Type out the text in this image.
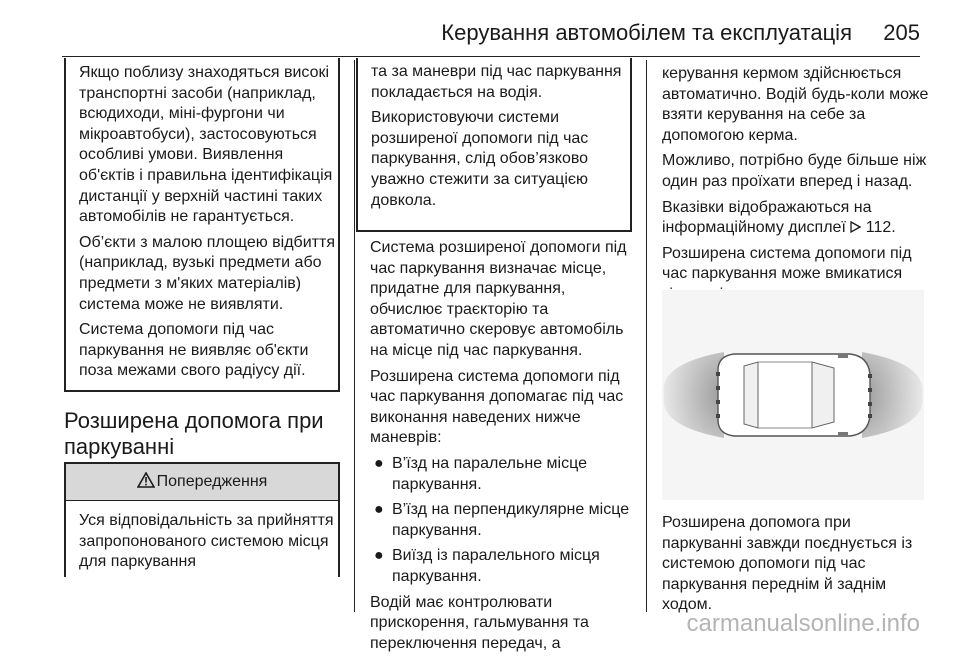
Керування автомобілем та експлуатація 205

Якщо поблизу знаходяться високі транспортні засоби (наприклад, всюдиходи, міні-фургони чи мікроавтобуси), застосовуються особливі умови. Виявлення об'єктів і правильна ідентифікація дистанції у верхній частині таких автомобілів не гарантується.

Об’єкти з малою площею відбиття (наприклад, вузькі предмети або предмети з м'яких матеріалів) система може не виявляти.

Система допомоги під час паркування не виявляє об'єкти поза межами свого радіусу дії.

Розширена допомога при паркуванні
Попередження
Уся відповідальність за прийняття запропонованого системою місця для паркування

та за маневри під час паркування покладається на водія.

Використовуючи системи розширеної допомоги під час паркування, слід обов’язково уважно стежити за ситуацією довкола.

Система розширеної допомоги під час паркування визначає місце, придатне для паркування, обчислює траєкторію та автоматично скеровує автомобіль на місце під час паркування.

Розширена система допомоги під час паркування допомагає під час виконання наведених нижче маневрів:

● В’їзд на паралельне місце паркування.
● В’їзд на перпендикулярне місце паркування.
● Виїзд із паралельного місця паркування.

Водій має контролювати прискорення, гальмування та переключення передач, а

керування кермом здійснюється автоматично. Водій будь-коли може взяти керування на себе за допомогою керма.

Можливо, потрібно буде більше ніж один раз проїхати вперед і назад.

Вказівки відображаються на інформаційному дисплеї 112.

Розширена система допомоги під час паркування може вмикатися

Розширена допомога при паркуванні завжди поєднується із системою допомоги під час паркування переднім й заднім ходом.
carmanualsonline.info
